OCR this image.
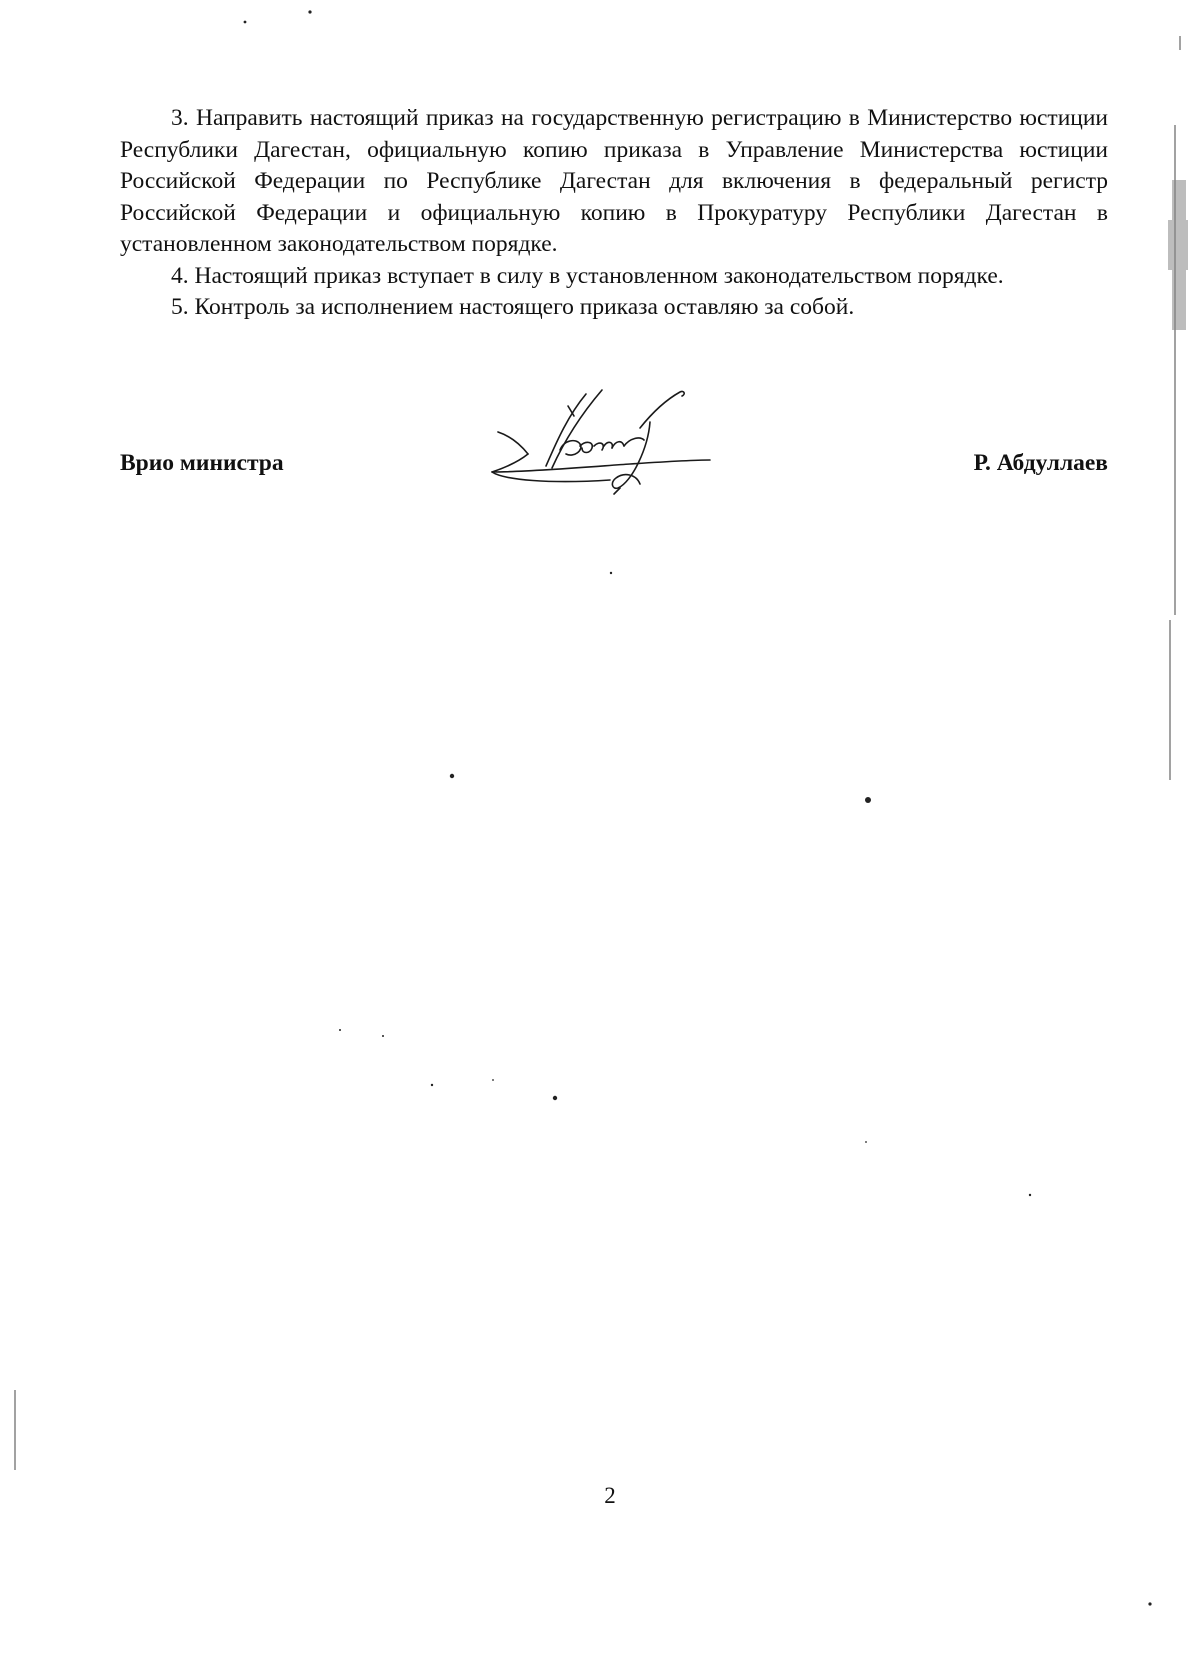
3. Направить настоящий приказ на государственную регистрацию в Министерство юстиции Республики Дагестан, официальную копию приказа в Управление Министерства юстиции Российской Федерации по Республике Дагестан для включения в федеральный регистр Российской Федерации и официальную копию в Прокуратуру Республики Дагестан в установленном законодательством порядке.

4. Настоящий приказ вступает в силу в установленном законодательством порядке.

5. Контроль за исполнением настоящего приказа оставляю за собой.

Врио министра	Р. Абдуллаев
2
